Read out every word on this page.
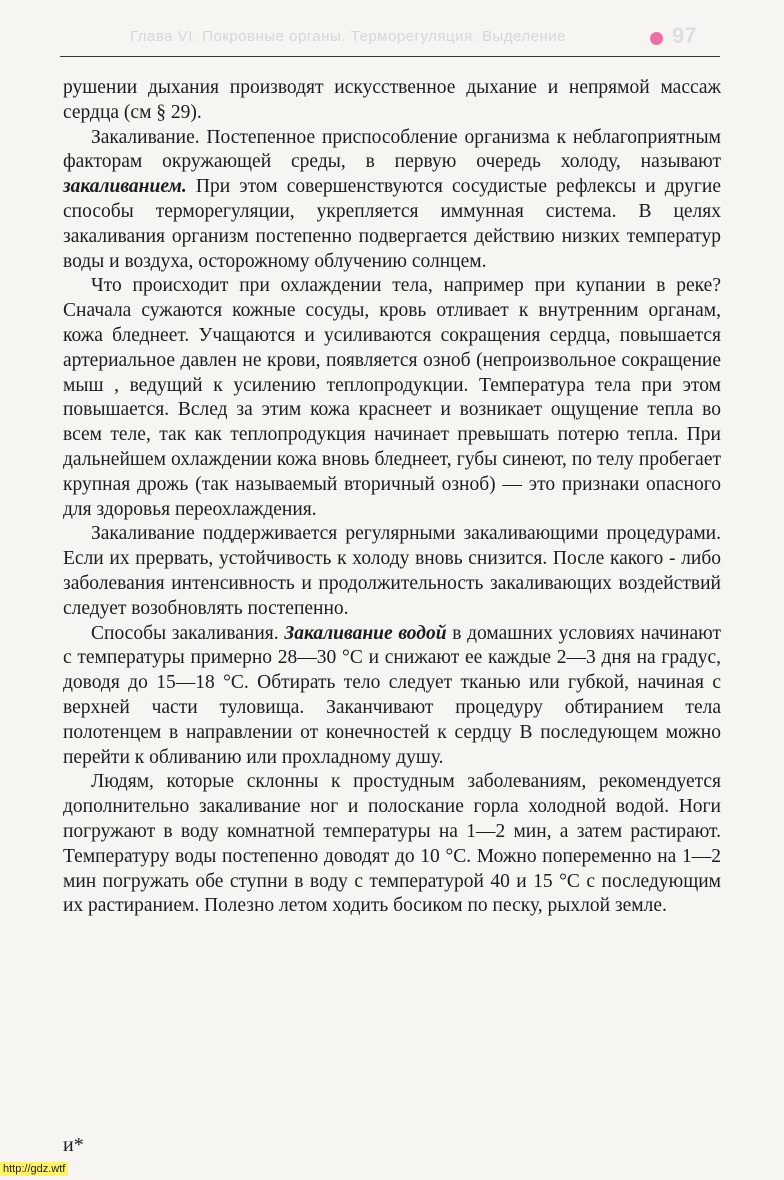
Глава VI. Покровные органы. Терморегуляция. Выделение	97

рушении дыхания производят искусственное дыхание и непрямой массаж сердца (см § 29).

Закаливание. Постепенное приспособление организма к неблагоприятным факторам окружающей среды, в первую очередь холоду, называют закаливанием. При этом совершенствуются сосудистые рефлексы и другие способы терморегуляции, укрепляется иммунная система. В целях закаливания организм постепенно подвергается действию низких температур воды и воздуха, осторожному облучению солнцем.

Что происходит при охлаждении тела, например при купании в реке? Сначала сужаются кожные сосуды, кровь отливает к внутренним органам, кожа бледнеет. Учащаются и усиливаются сокращения сердца, повышается артериальное давлен не крови, появляется озноб (непроизвольное сокращение мыш , ведущий к усилению теплопродукции. Температура тела при этом повышается. Вслед за этим кожа краснеет и возникает ощущение тепла во всем теле, так как теплопродукция начинает превышать потерю тепла. При дальнейшем охлаждении кожа вновь бледнеет, губы синеют, по телу пробегает крупная дрожь (так называемый вторичный озноб) — это признаки опасного для здоровья переохлаждения.

Закаливание поддерживается регулярными закаливающими процедурами. Если их прервать, устойчивость к холоду вновь снизится. После какого - либо заболевания интенсивность и продолжительность закаливающих воздействий следует возобновлять постепенно.

Способы закаливания. Закаливание водой в домашних условиях начинают с температуры примерно 28—30 °С и снижают ее каждые 2—3 дня на градус, доводя до 15—18 °С. Обтирать тело следует тканью или губкой, начиная с верхней части туловища. Заканчивают процедуру обтиранием тела полотенцем в направлении от конечностей к сердцу В последующем можно перейти к обливанию или прохладному душу.

Людям, которые склонны к простудным заболеваниям, рекомендуется дополнительно закаливание ног и полоскание горла холодной водой. Ноги погружают в воду комнатной температуры на 1—2 мин, а затем растирают. Температуру воды постепенно доводят до 10 °С. Можно попеременно на 1—2 мин погружать обе ступни в воду с температурой 40 и 15 °С с последующим их растиранием. Полезно летом ходить босиком по песку, рыхлой земле.

и*
http://gdz.wtf
